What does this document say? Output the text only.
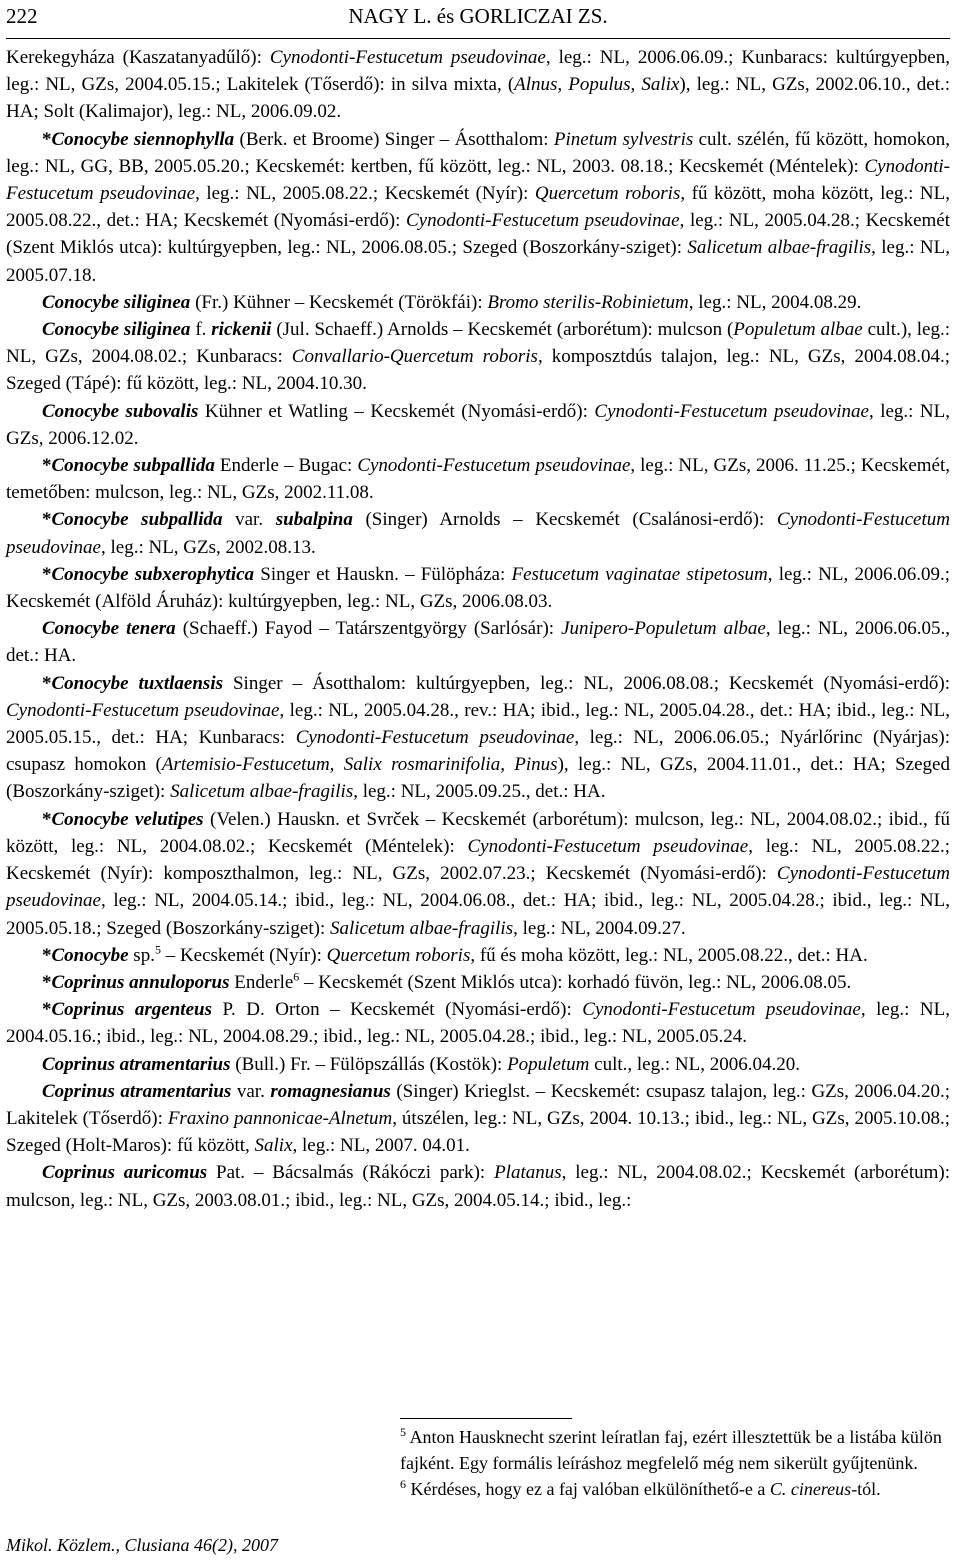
222	NAGY L. és GORLICZAI ZS.

Kerekegyháza (Kaszatanyadűlő): Cynodonti-Festucetum pseudovinae, leg.: NL, 2006.06.09.; Kunbaracs: kultúrgyepben, leg.: NL, GZs, 2004.05.15.; Lakitelek (Tőserdő): in silva mixta, (Alnus, Populus, Salix), leg.: NL, GZs, 2002.06.10., det.: HA; Solt (Kalimajor), leg.: NL, 2006.09.02.

*Conocybe siennophylla (Berk. et Broome) Singer – Ásotthalom: Pinetum sylvestris cult. szélén, fű között, homokon, leg.: NL, GG, BB, 2005.05.20.; Kecskemét: kertben, fű között, leg.: NL, 2003. 08.18.; Kecskemét (Méntelek): Cynodonti-Festucetum pseudovinae, leg.: NL, 2005.08.22.; Kecskemét (Nyír): Quercetum roboris, fű között, moha között, leg.: NL, 2005.08.22., det.: HA; Kecskemét (Nyomási-erdő): Cynodonti-Festucetum pseudovinae, leg.: NL, 2005.04.28.; Kecskemét (Szent Miklós utca): kultúrgyepben, leg.: NL, 2006.08.05.; Szeged (Boszorkány-sziget): Salicetum albae-fragilis, leg.: NL, 2005.07.18.

Conocybe siliginea (Fr.) Kühner – Kecskemét (Törökfái): Bromo sterilis-Robinietum, leg.: NL, 2004.08.29.

Conocybe siliginea f. rickenii (Jul. Schaeff.) Arnolds – Kecskemét (arborétum): mulcson (Populetum albae cult.), leg.: NL, GZs, 2004.08.02.; Kunbaracs: Convallario-Quercetum roboris, komposztdús talajon, leg.: NL, GZs, 2004.08.04.; Szeged (Tápé): fű között, leg.: NL, 2004.10.30.

Conocybe subovalis Kühner et Watling – Kecskemét (Nyomási-erdő): Cynodonti-Festucetum pseudovinae, leg.: NL, GZs, 2006.12.02.

*Conocybe subpallida Enderle – Bugac: Cynodonti-Festucetum pseudovinae, leg.: NL, GZs, 2006. 11.25.; Kecskemét, temetőben: mulcson, leg.: NL, GZs, 2002.11.08.

*Conocybe subpallida var. subalpina (Singer) Arnolds – Kecskemét (Csalánosi-erdő): Cynodonti-Festucetum pseudovinae, leg.: NL, GZs, 2002.08.13.

*Conocybe subxerophytica Singer et Hauskn. – Fülöpháza: Festucetum vaginatae stipetosum, leg.: NL, 2006.06.09.; Kecskemét (Alföld Áruház): kultúrgyepben, leg.: NL, GZs, 2006.08.03.

Conocybe tenera (Schaeff.) Fayod – Tatárszentgyörgy (Sarlósár): Junipero-Populetum albae, leg.: NL, 2006.06.05., det.: HA.

*Conocybe tuxtlaensis Singer – Ásotthalom: kultúrgyepben, leg.: NL, 2006.08.08.; Kecskemét (Nyomási-erdő): Cynodonti-Festucetum pseudovinae, leg.: NL, 2005.04.28., rev.: HA; ibid., leg.: NL, 2005.04.28., det.: HA; ibid., leg.: NL, 2005.05.15., det.: HA; Kunbaracs: Cynodonti-Festucetum pseudovinae, leg.: NL, 2006.06.05.; Nyárlőrinc (Nyárjas): csupasz homokon (Artemisio-Festucetum, Salix rosmarinifolia, Pinus), leg.: NL, GZs, 2004.11.01., det.: HA; Szeged (Boszorkány-sziget): Salicetum albae-fragilis, leg.: NL, 2005.09.25., det.: HA.

*Conocybe velutipes (Velen.) Hauskn. et Svrček – Kecskemét (arborétum): mulcson, leg.: NL, 2004.08.02.; ibid., fű között, leg.: NL, 2004.08.02.; Kecskemét (Méntelek): Cynodonti-Festucetum pseudovinae, leg.: NL, 2005.08.22.; Kecskemét (Nyír): komposzthalmon, leg.: NL, GZs, 2002.07.23.; Kecskemét (Nyomási-erdő): Cynodonti-Festucetum pseudovinae, leg.: NL, 2004.05.14.; ibid., leg.: NL, 2004.06.08., det.: HA; ibid., leg.: NL, 2005.04.28.; ibid., leg.: NL, 2005.05.18.; Szeged (Boszorkány-sziget): Salicetum albae-fragilis, leg.: NL, 2004.09.27.

*Conocybe sp.$^5$ – Kecskemét (Nyír): Quercetum roboris, fű és moha között, leg.: NL, 2005.08.22., det.: HA.

*Coprinus annuloporus Enderle$^6$ – Kecskemét (Szent Miklós utca): korhadó füvön, leg.: NL, 2006.08.05.

*Coprinus argenteus P. D. Orton – Kecskemét (Nyomási-erdő): Cynodonti-Festucetum pseudovinae, leg.: NL, 2004.05.16.; ibid., leg.: NL, 2004.08.29.; ibid., leg.: NL, 2005.04.28.; ibid., leg.: NL, 2005.05.24.

Coprinus atramentarius (Bull.) Fr. – Fülöpszállás (Kostök): Populetum cult., leg.: NL, 2006.04.20.

Coprinus atramentarius var. romagnesianus (Singer) Krieglst. – Kecskemét: csupasz talajon, leg.: GZs, 2006.04.20.; Lakitelek (Tőserdő): Fraxino pannonicae-Alnetum, útszélen, leg.: NL, GZs, 2004. 10.13.; ibid., leg.: NL, GZs, 2005.10.08.; Szeged (Holt-Maros): fű között, Salix, leg.: NL, 2007. 04.01.

Coprinus auricomus Pat. – Bácsalmás (Rákóczi park): Platanus, leg.: NL, 2004.08.02.; Kecskemét (arborétum): mulcson, leg.: NL, GZs, 2003.08.01.; ibid., leg.: NL, GZs, 2004.05.14.; ibid., leg.:

$^5$ Anton Hausknecht szerint leíratlan faj, ezért illesztettük be a listába külön fajként. Egy formális leíráshoz megfelelő még nem sikerült gyűjtenünk.

$^6$ Kérdéses, hogy ez a faj valóban elkülöníthető-e a C. cinereus-tól.

Mikol. Közlem., Clusiana 46(2), 2007
